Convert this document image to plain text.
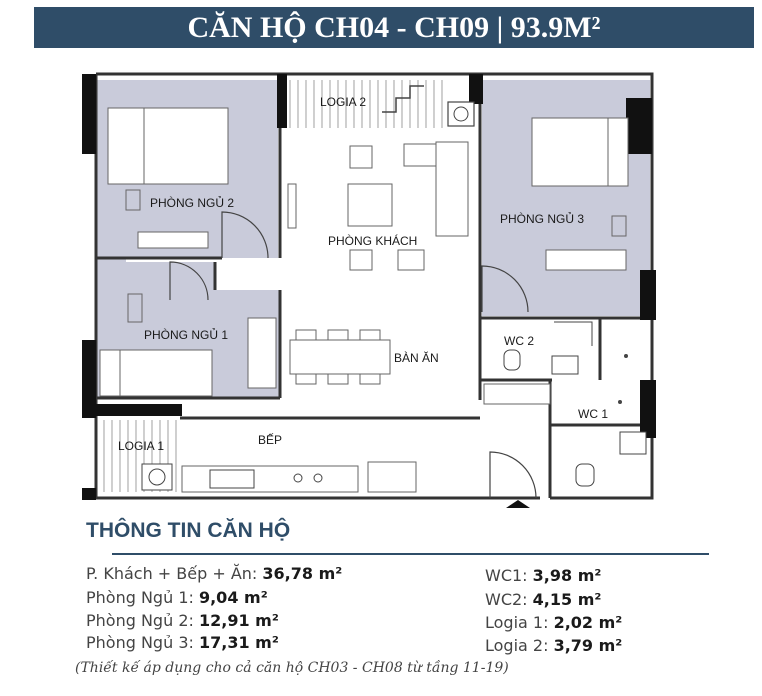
CĂN HỘ CH04 - CH09 | 93.9M²
LOGIA 2
PHÒNG NGỦ 2
PHÒNG KHÁCH
PHÒNG NGỦ 3
PHÒNG NGỦ 1
BÀN ĂN
WC 2
WC 1
LOGIA 1	BẾP
THÔNG TIN CĂN HỘ
P. Khách + Bếp + Ăn: 36,78 m²
Phòng Ngủ 1: 9,04 m²
Phòng Ngủ 2: 12,91 m²
Phòng Ngủ 3: 17,31 m²
WC1: 3,98 m²
WC2: 4,15 m²
Logia 1: 2,02 m²
Logia 2: 3,79 m²
(Thiết kế áp dụng cho cả căn hộ CH03 - CH08 từ tầng 11-19)
